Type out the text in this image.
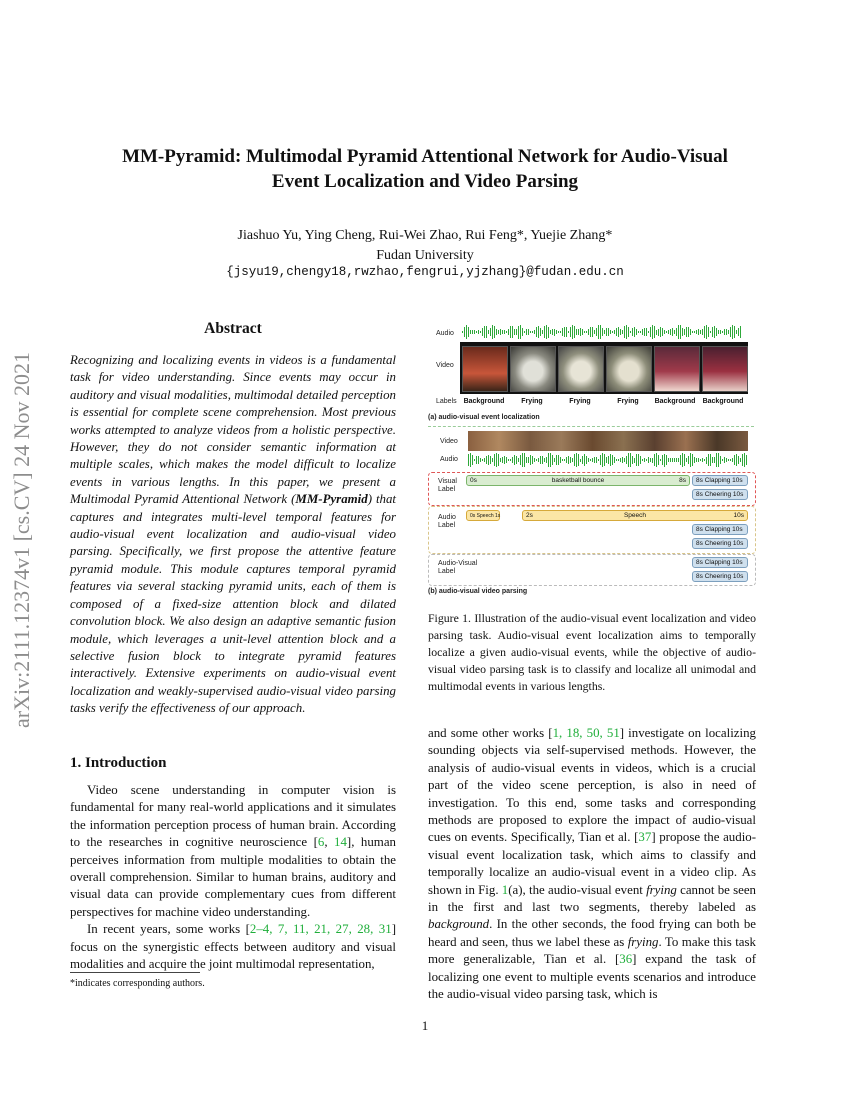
arXiv:2111.12374v1 [cs.CV] 24 Nov 2021
MM-Pyramid: Multimodal Pyramid Attentional Network for Audio-Visual
Event Localization and Video Parsing
Jiashuo Yu, Ying Cheng, Rui-Wei Zhao, Rui Feng*, Yuejie Zhang*
Fudan University
{jsyu19,chengy18,rwzhao,fengrui,yjzhang}@fudan.edu.cn
Abstract
Recognizing and localizing events in videos is a fundamental task for video understanding. Since events may occur in auditory and visual modalities, multimodal detailed perception is essential for complete scene comprehension. Most previous works attempted to analyze videos from a holistic perspective. However, they do not consider semantic information at multiple scales, which makes the model difficult to localize events in various lengths. In this paper, we present a Multimodal Pyramid Attentional Network (MM-Pyramid) that captures and integrates multi-level temporal features for audio-visual event localization and audio-visual video parsing. Specifically, we first propose the attentive feature pyramid module. This module captures temporal pyramid features via several stacking pyramid units, each of them is composed of a fixed-size attention block and dilated convolution block. We also design an adaptive semantic fusion module, which leverages a unit-level attention block and a selective fusion block to integrate pyramid features interactively. Extensive experiments on audio-visual event localization and weakly-supervised audio-visual video parsing tasks verify the effectiveness of our approach.
1. Introduction

Video scene understanding in computer vision is fundamental for many real-world applications and it simulates the information perception process of human brain. According to the researches in cognitive neuroscience [6, 14], human perceives information from multiple modalities to obtain the overall comprehension. Similar to human brains, auditory and visual data can provide complementary cues from different perspectives for machine video understanding.

In recent years, some works [2–4, 7, 11, 21, 27, 28, 31] focus on the synergistic effects between auditory and visual modalities and acquire the joint multimodal representation,

*indicates corresponding authors.
1
Audio
Video
Labels Background	Frying	Frying	Frying	Background	Background
(a) audio-visual event localization
Video
Audio
Visual Label
0s	basketball bounce	8s	8s Clapping 10s
8s Cheering 10s
Audio Label
0s Speech 1s	2s	Speech	10s
8s Clapping 10s
8s Cheering 10s
Audio-Visual Label
8s Clapping 10s
8s Cheering 10s
(b) audio-visual video parsing
Figure 1. Illustration of the audio-visual event localization and video parsing task. Audio-visual event localization aims to temporally localize a given audio-visual events, while the objective of audio-visual video parsing task is to classify and localize all unimodal and multimodal events in various lengths.
and some other works [1, 18, 50, 51] investigate on localizing sounding objects via self-supervised methods. However, the analysis of audio-visual events in videos, which is a crucial part of the video scene perception, is also in need of investigation. To this end, some tasks and corresponding methods are proposed to explore the impact of audio-visual cues on events. Specifically, Tian et al. [37] propose the audio-visual event localization task, which aims to classify and temporally localize an audio-visual event in a video clip. As shown in Fig. 1(a), the audio-visual event frying cannot be seen in the first and last two segments, thereby labeled as background. In the other seconds, the food frying can both be heard and seen, thus we label these as frying. To make this task more generalizable, Tian et al. [36] expand the task of localizing one event to multiple events scenarios and introduce the audio-visual video parsing task, which is
